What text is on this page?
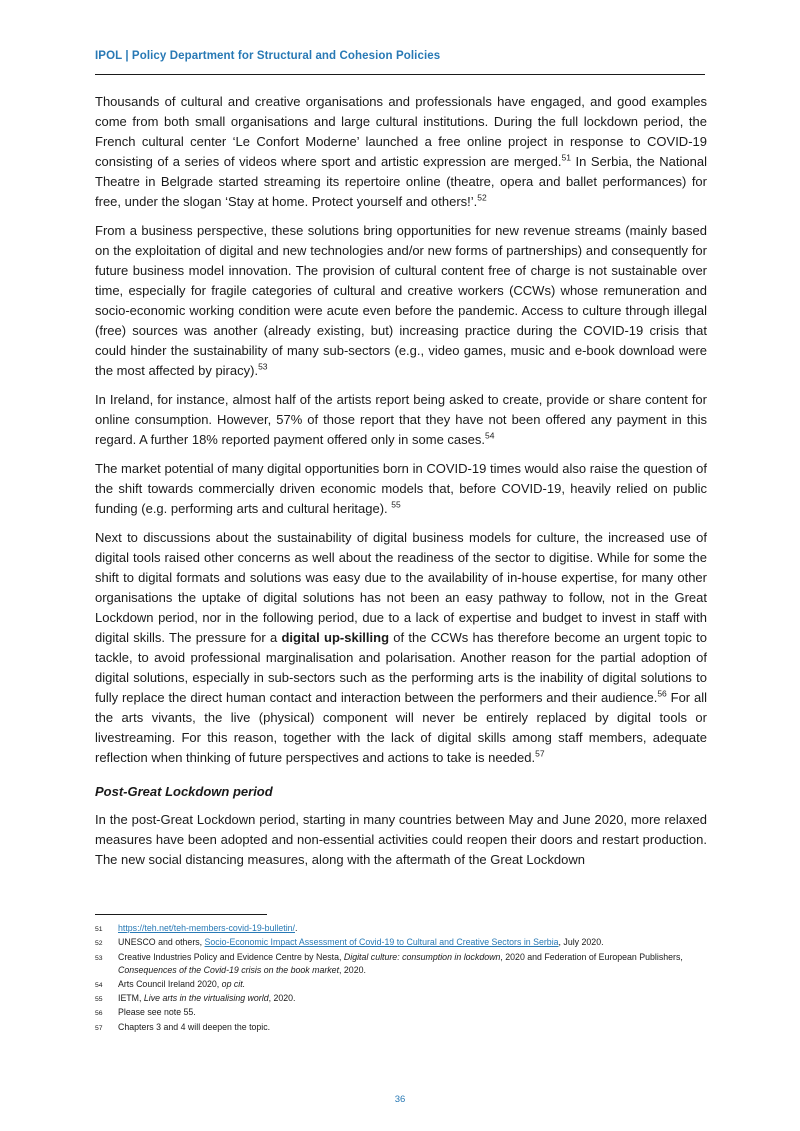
IPOL | Policy Department for Structural and Cohesion Policies

Thousands of cultural and creative organisations and professionals have engaged, and good examples come from both small organisations and large cultural institutions. During the full lockdown period, the French cultural center ‘Le Confort Moderne’ launched a free online project in response to COVID-19 consisting of a series of videos where sport and artistic expression are merged.$^{51}$ In Serbia, the National Theatre in Belgrade started streaming its repertoire online (theatre, opera and ballet performances) for free, under the slogan ‘Stay at home. Protect yourself and others!’.$^{52}$

From a business perspective, these solutions bring opportunities for new revenue streams (mainly based on the exploitation of digital and new technologies and/or new forms of partnerships) and consequently for future business model innovation. The provision of cultural content free of charge is not sustainable over time, especially for fragile categories of cultural and creative workers (CCWs) whose remuneration and socio-economic working condition were acute even before the pandemic. Access to culture through illegal (free) sources was another (already existing, but) increasing practice during the COVID-19 crisis that could hinder the sustainability of many sub-sectors (e.g., video games, music and e-book download were the most affected by piracy).$^{53}$

In Ireland, for instance, almost half of the artists report being asked to create, provide or share content for online consumption. However, 57% of those report that they have not been offered any payment in this regard. A further 18% reported payment offered only in some cases.$^{54}$

The market potential of many digital opportunities born in COVID-19 times would also raise the question of the shift towards commercially driven economic models that, before COVID-19, heavily relied on public funding (e.g. performing arts and cultural heritage). $^{55}$

Next to discussions about the sustainability of digital business models for culture, the increased use of digital tools raised other concerns as well about the readiness of the sector to digitise. While for some the shift to digital formats and solutions was easy due to the availability of in-house expertise, for many other organisations the uptake of digital solutions has not been an easy pathway to follow, not in the Great Lockdown period, nor in the following period, due to a lack of expertise and budget to invest in staff with digital skills. The pressure for a digital up-skilling of the CCWs has therefore become an urgent topic to tackle, to avoid professional marginalisation and polarisation. Another reason for the partial adoption of digital solutions, especially in sub-sectors such as the performing arts is the inability of digital solutions to fully replace the direct human contact and interaction between the performers and their audience.$^{56}$ For all the arts vivants, the live (physical) component will never be entirely replaced by digital tools or livestreaming. For this reason, together with the lack of digital skills among staff members, adequate reflection when thinking of future perspectives and actions to take is needed.$^{57}$

Post-Great Lockdown period

In the post-Great Lockdown period, starting in many countries between May and June 2020, more relaxed measures have been adopted and non-essential activities could reopen their doors and restart production. The new social distancing measures, along with the aftermath of the Great Lockdown

51	https://teh.net/teh-members-covid-19-bulletin/.
52	UNESCO and others, Socio-Economic Impact Assessment of Covid-19 to Cultural and Creative Sectors in Serbia, July 2020.
53	Creative Industries Policy and Evidence Centre by Nesta, Digital culture: consumption in lockdown, 2020 and Federation of European Publishers, Consequences of the Covid-19 crisis on the book market, 2020.
54	Arts Council Ireland 2020, op cit.
55	IETM, Live arts in the virtualising world, 2020.
56	Please see note 55.
57	Chapters 3 and 4 will deepen the topic.
36
